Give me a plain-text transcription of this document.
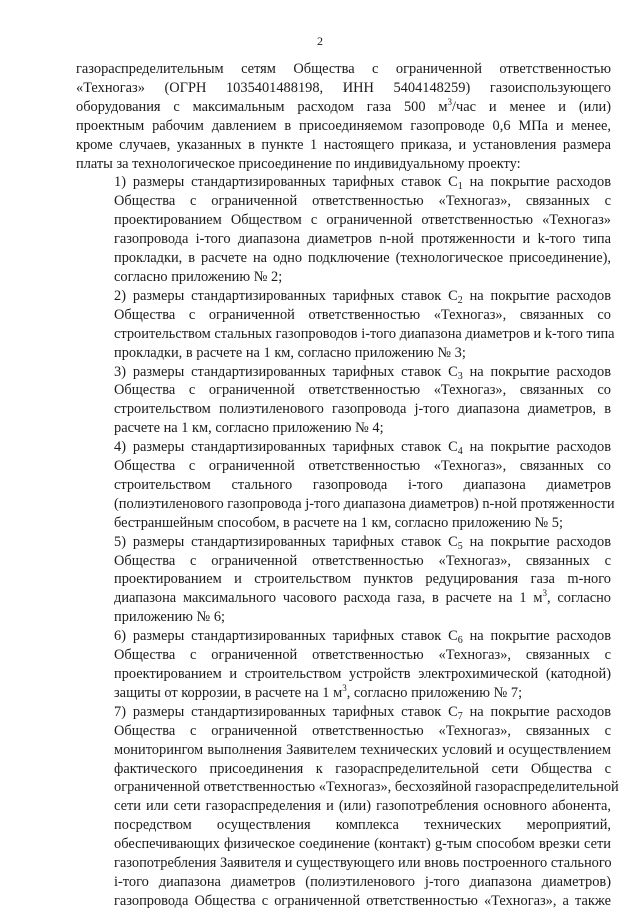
2

газораспределительным сетям Общества с ограниченной ответственностью
«Техногаз» (ОГРН 1035401488198, ИНН 5404148259) газоиспользующего
оборудования с максимальным расходом газа 500 $м^3$/час и менее и (или)
проектным рабочим давлением в присоединяемом газопроводе 0,6 МПа и менее,
кроме случаев, указанных в пункте 1 настоящего приказа, и установления размера
платы за технологическое присоединение по индивидуальному проекту:

1) размеры стандартизированных тарифных ставок $C_1$ на покрытие расходов
Общества с ограниченной ответственностью «Техногаз», связанных с
проектированием Обществом с ограниченной ответственностью «Техногаз»
газопровода i-того диапазона диаметров n-ной протяженности и k-того типа
прокладки, в расчете на одно подключение (технологическое присоединение),
согласно приложению № 2;

2) размеры стандартизированных тарифных ставок $C_2$ на покрытие расходов
Общества с ограниченной ответственностью «Техногаз», связанных со
строительством стальных газопроводов i-того диапазона диаметров и k-того типа
прокладки, в расчете на 1 км, согласно приложению № 3;

3) размеры стандартизированных тарифных ставок $C_3$ на покрытие расходов
Общества с ограниченной ответственностью «Техногаз», связанных со
строительством полиэтиленового газопровода j-того диапазона диаметров, в
расчете на 1 км, согласно приложению № 4;

4) размеры стандартизированных тарифных ставок $C_4$ на покрытие расходов
Общества с ограниченной ответственностью «Техногаз», связанных со
строительством стального газопровода i-того диапазона диаметров
(полиэтиленового газопровода j-того диапазона диаметров) n-ной протяженности
бестраншейным способом, в расчете на 1 км, согласно приложению № 5;

5) размеры стандартизированных тарифных ставок $C_5$ на покрытие расходов
Общества с ограниченной ответственностью «Техногаз», связанных с
проектированием и строительством пунктов редуцирования газа m-ного
диапазона максимального часового расхода газа, в расчете на 1 $м^3$, согласно
приложению № 6;

6) размеры стандартизированных тарифных ставок $C_6$ на покрытие расходов
Общества с ограниченной ответственностью «Техногаз», связанных с
проектированием и строительством устройств электрохимической (катодной)
защиты от коррозии, в расчете на 1 $м^3$, согласно приложению № 7;

7) размеры стандартизированных тарифных ставок $C_7$ на покрытие расходов
Общества с ограниченной ответственностью «Техногаз», связанных с
мониторингом выполнения Заявителем технических условий и осуществлением
фактического присоединения к газораспределительной сети Общества с
ограниченной ответственностью «Техногаз», бесхозяйной газораспределительной
сети или сети газораспределения и (или) газопотребления основного абонента,
посредством осуществления комплекса технических мероприятий,
обеспечивающих физическое соединение (контакт) g-тым способом врезки сети
газопотребления Заявителя и существующего или вновь построенного стального
i-того диапазона диаметров (полиэтиленового j-того диапазона диаметров)
газопровода Общества с ограниченной ответственностью «Техногаз», а также
